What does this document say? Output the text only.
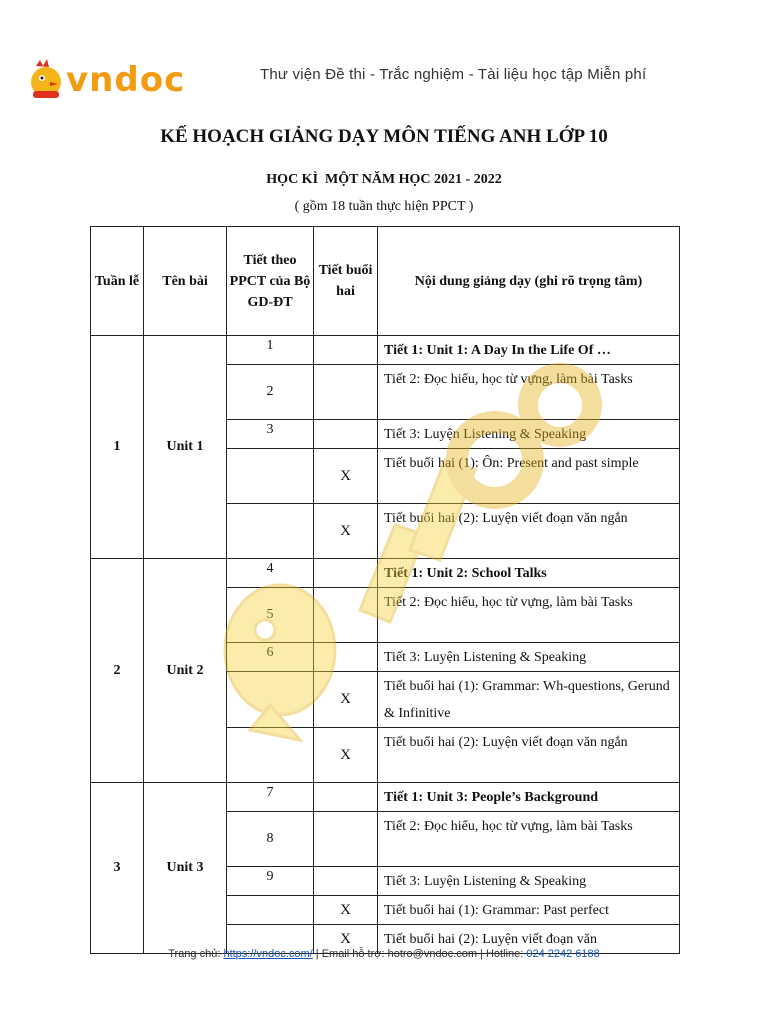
vndoc	Thư viện Đề thi - Trắc nghiệm - Tài liệu học tập Miễn phí
KẾ HOẠCH GIẢNG DẠY MÔN TIẾNG ANH LỚP 10
HỌC KÌ  MỘT NĂM HỌC 2021 - 2022
( gồm 18 tuần thực hiện PPCT )
Tuần lễ	Tên bài	Tiết theo PPCT của Bộ GD-ĐT	Tiết buổi hai	Nội dung giảng dạy (ghi rõ trọng tâm)
1	Unit 1	1		Tiết 1: Unit 1: A Day In the Life Of …
		2		Tiết 2: Đọc hiểu, học từ vựng, làm bài Tasks
		3		Tiết 3: Luyện Listening & Speaking
			X	Tiết buổi hai (1): Ôn: Present and past simple
			X	Tiết buổi hai (2): Luyện viết đoạn văn ngắn
2	Unit 2	4		Tiết 1: Unit 2: School Talks
		5		Tiết 2: Đọc hiểu, học từ vựng, làm bài Tasks
		6		Tiết 3: Luyện Listening & Speaking
			X	Tiết buổi hai (1): Grammar: Wh-questions, Gerund & Infinitive
			X	Tiết buổi hai (2): Luyện viết đoạn văn ngắn
3	Unit 3	7		Tiết 1: Unit 3: People’s Background
		8		Tiết 2: Đọc hiểu, học từ vựng, làm bài Tasks
		9		Tiết 3: Luyện Listening & Speaking
			X	Tiết buổi hai (1): Grammar: Past perfect
			X	Tiết buổi hai (2): Luyện viết đoạn văn
Trang chủ: https://vndoc.com/ | Email hỗ trợ: hotro@vndoc.com | Hotline: 024 2242 6188
